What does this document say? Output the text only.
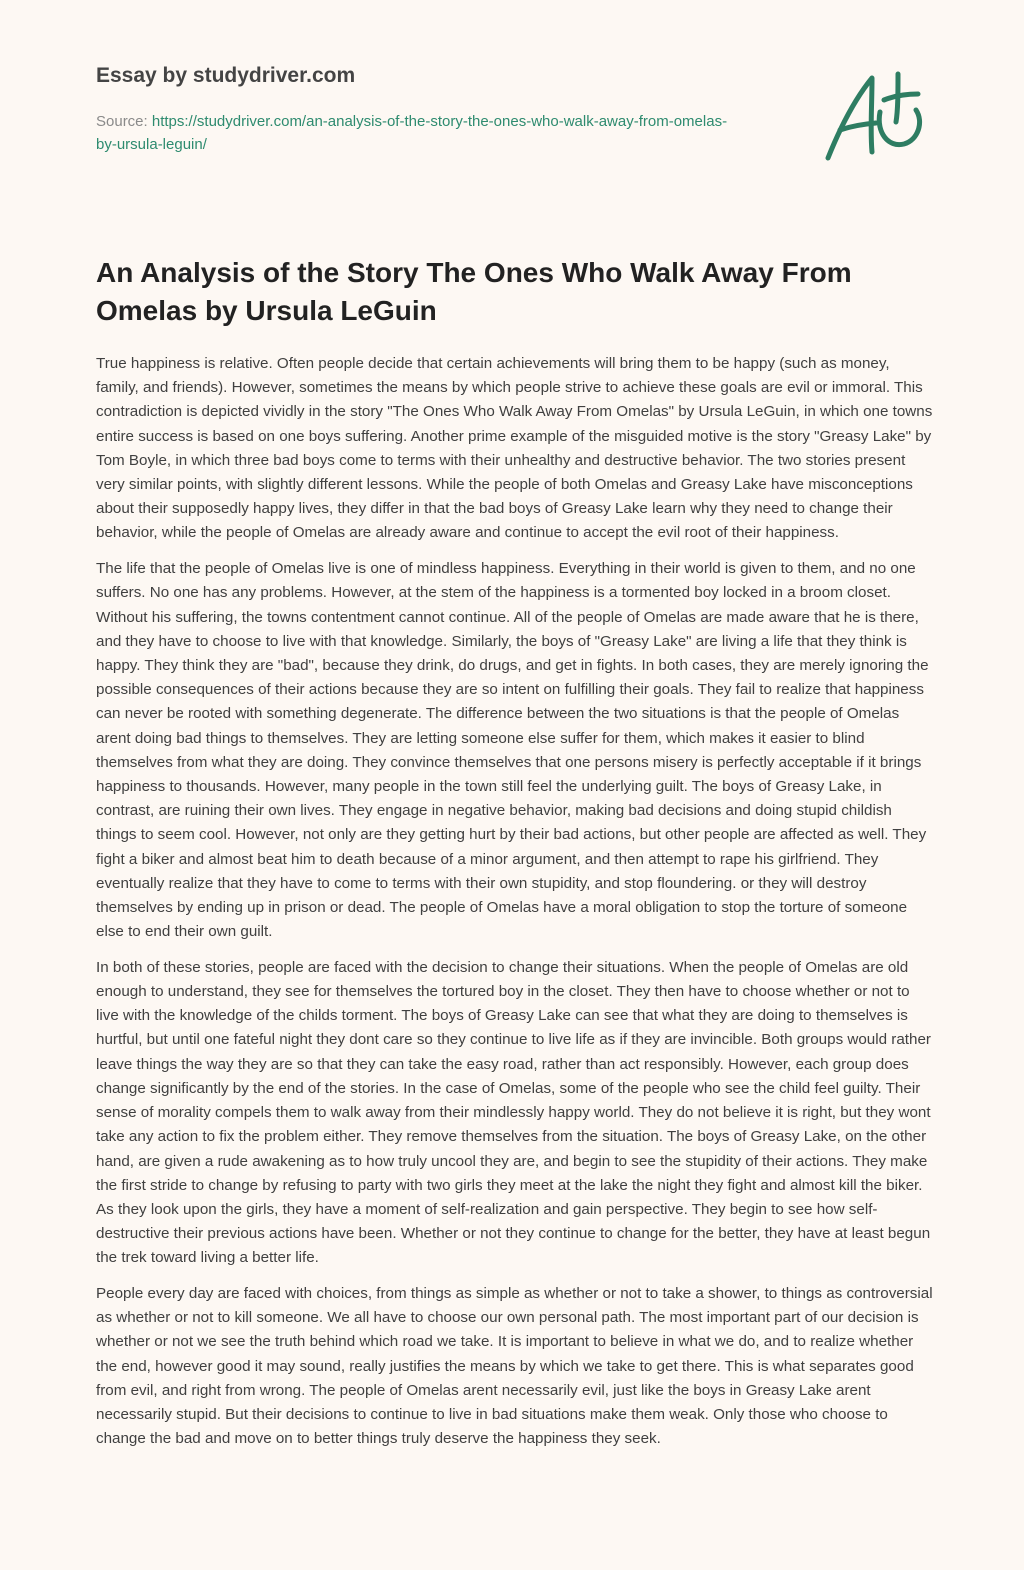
Essay by studydriver.com
Source: https://studydriver.com/an-analysis-of-the-story-the-ones-who-walk-away-from-omelas-by-ursula-leguin/
An Analysis of the Story The Ones Who Walk Away From Omelas by Ursula LeGuin

True happiness is relative. Often people decide that certain achievements will bring them to be happy (such as money, family, and friends). However, sometimes the means by which people strive to achieve these goals are evil or immoral. This contradiction is depicted vividly in the story "The Ones Who Walk Away From Omelas" by Ursula LeGuin, in which one towns entire success is based on one boys suffering. Another prime example of the misguided motive is the story "Greasy Lake" by Tom Boyle, in which three bad boys come to terms with their unhealthy and destructive behavior. The two stories present very similar points, with slightly different lessons. While the people of both Omelas and Greasy Lake have misconceptions about their supposedly happy lives, they differ in that the bad boys of Greasy Lake learn why they need to change their behavior, while the people of Omelas are already aware and continue to accept the evil root of their happiness.

The life that the people of Omelas live is one of mindless happiness. Everything in their world is given to them, and no one suffers. No one has any problems. However, at the stem of the happiness is a tormented boy locked in a broom closet. Without his suffering, the towns contentment cannot continue. All of the people of Omelas are made aware that he is there, and they have to choose to live with that knowledge. Similarly, the boys of "Greasy Lake" are living a life that they think is happy. They think they are "bad", because they drink, do drugs, and get in fights. In both cases, they are merely ignoring the possible consequences of their actions because they are so intent on fulfilling their goals. They fail to realize that happiness can never be rooted with something degenerate. The difference between the two situations is that the people of Omelas arent doing bad things to themselves. They are letting someone else suffer for them, which makes it easier to blind themselves from what they are doing. They convince themselves that one persons misery is perfectly acceptable if it brings happiness to thousands. However, many people in the town still feel the underlying guilt. The boys of Greasy Lake, in contrast, are ruining their own lives. They engage in negative behavior, making bad decisions and doing stupid childish things to seem cool. However, not only are they getting hurt by their bad actions, but other people are affected as well. They fight a biker and almost beat him to death because of a minor argument, and then attempt to rape his girlfriend. They eventually realize that they have to come to terms with their own stupidity, and stop floundering. or they will destroy themselves by ending up in prison or dead. The people of Omelas have a moral obligation to stop the torture of someone else to end their own guilt.

In both of these stories, people are faced with the decision to change their situations. When the people of Omelas are old enough to understand, they see for themselves the tortured boy in the closet. They then have to choose whether or not to live with the knowledge of the childs torment. The boys of Greasy Lake can see that what they are doing to themselves is hurtful, but until one fateful night they dont care so they continue to live life as if they are invincible. Both groups would rather leave things the way they are so that they can take the easy road, rather than act responsibly. However, each group does change significantly by the end of the stories. In the case of Omelas, some of the people who see the child feel guilty. Their sense of morality compels them to walk away from their mindlessly happy world. They do not believe it is right, but they wont take any action to fix the problem either. They remove themselves from the situation. The boys of Greasy Lake, on the other hand, are given a rude awakening as to how truly uncool they are, and begin to see the stupidity of their actions. They make the first stride to change by refusing to party with two girls they meet at the lake the night they fight and almost kill the biker. As they look upon the girls, they have a moment of self-realization and gain perspective. They begin to see how self-destructive their previous actions have been. Whether or not they continue to change for the better, they have at least begun the trek toward living a better life.

People every day are faced with choices, from things as simple as whether or not to take a shower, to things as controversial as whether or not to kill someone. We all have to choose our own personal path. The most important part of our decision is whether or not we see the truth behind which road we take. It is important to believe in what we do, and to realize whether the end, however good it may sound, really justifies the means by which we take to get there. This is what separates good from evil, and right from wrong. The people of Omelas arent necessarily evil, just like the boys in Greasy Lake arent necessarily stupid. But their decisions to continue to live in bad situations make them weak. Only those who choose to change the bad and move on to better things truly deserve the happiness they seek.
